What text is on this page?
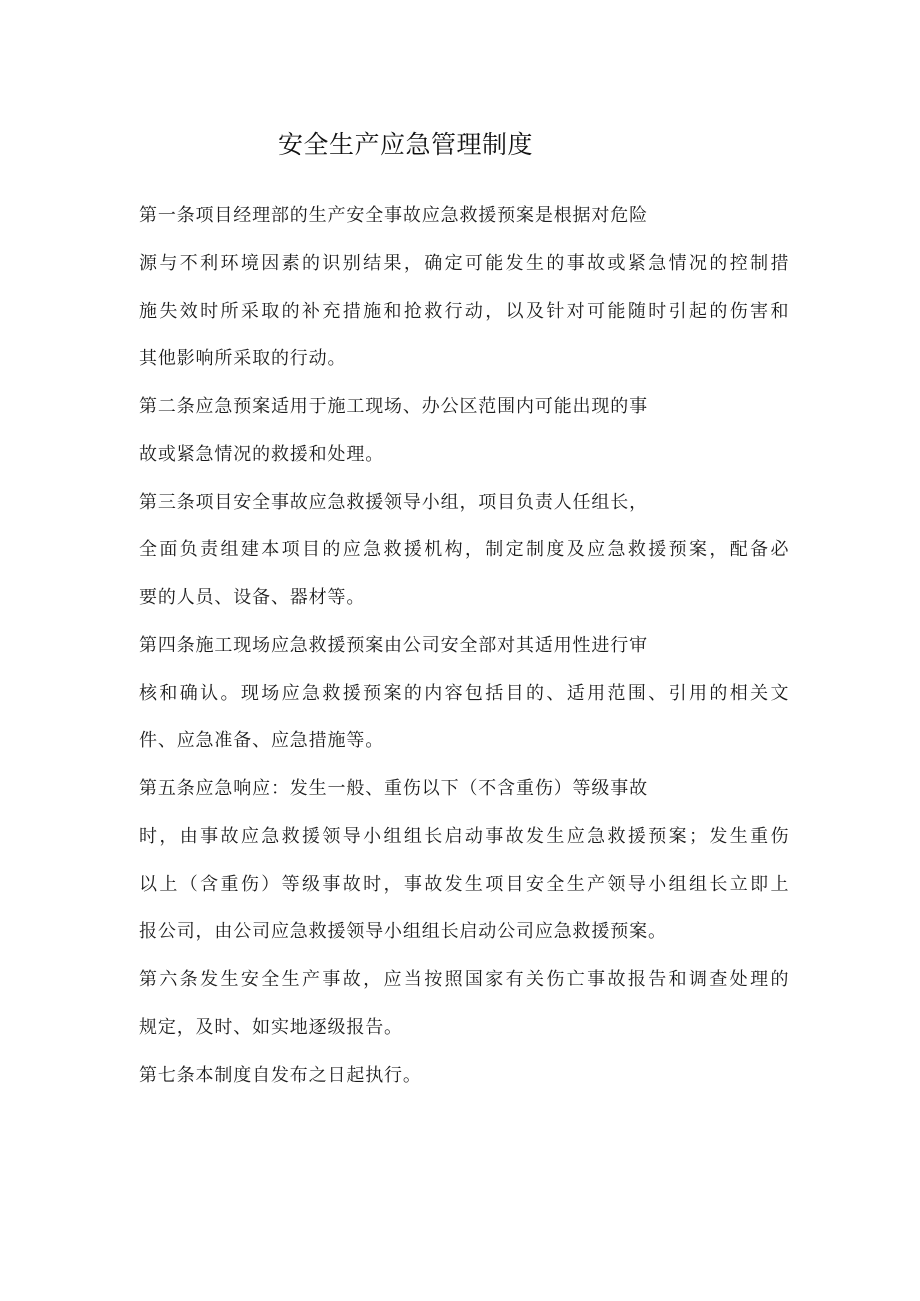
安全生产应急管理制度

第一条项目经理部的生产安全事故应急救援预案是根据对危险

源与不利环境因素的识别结果，确定可能发生的事故或紧急情况的控制措

施失效时所采取的补充措施和抢救行动，以及针对可能随时引起的伤害和

其他影响所采取的行动。

第二条应急预案适用于施工现场、办公区范围内可能出现的事

故或紧急情况的救援和处理。

第三条项目安全事故应急救援领导小组，项目负责人任组长，

全面负责组建本项目的应急救援机构，制定制度及应急救援预案，配备必

要的人员、设备、器材等。

第四条施工现场应急救援预案由公司安全部对其适用性进行审

核和确认。现场应急救援预案的内容包括目的、适用范围、引用的相关文

件、应急准备、应急措施等。

第五条应急响应：发生一般、重伤以下（不含重伤）等级事故

时，由事故应急救援领导小组组长启动事故发生应急救援预案；发生重伤

以上（含重伤）等级事故时，事故发生项目安全生产领导小组组长立即上

报公司，由公司应急救援领导小组组长启动公司应急救援预案。

第六条发生安全生产事故，应当按照国家有关伤亡事故报告和调查处理的

规定，及时、如实地逐级报告。

第七条本制度自发布之日起执行。
